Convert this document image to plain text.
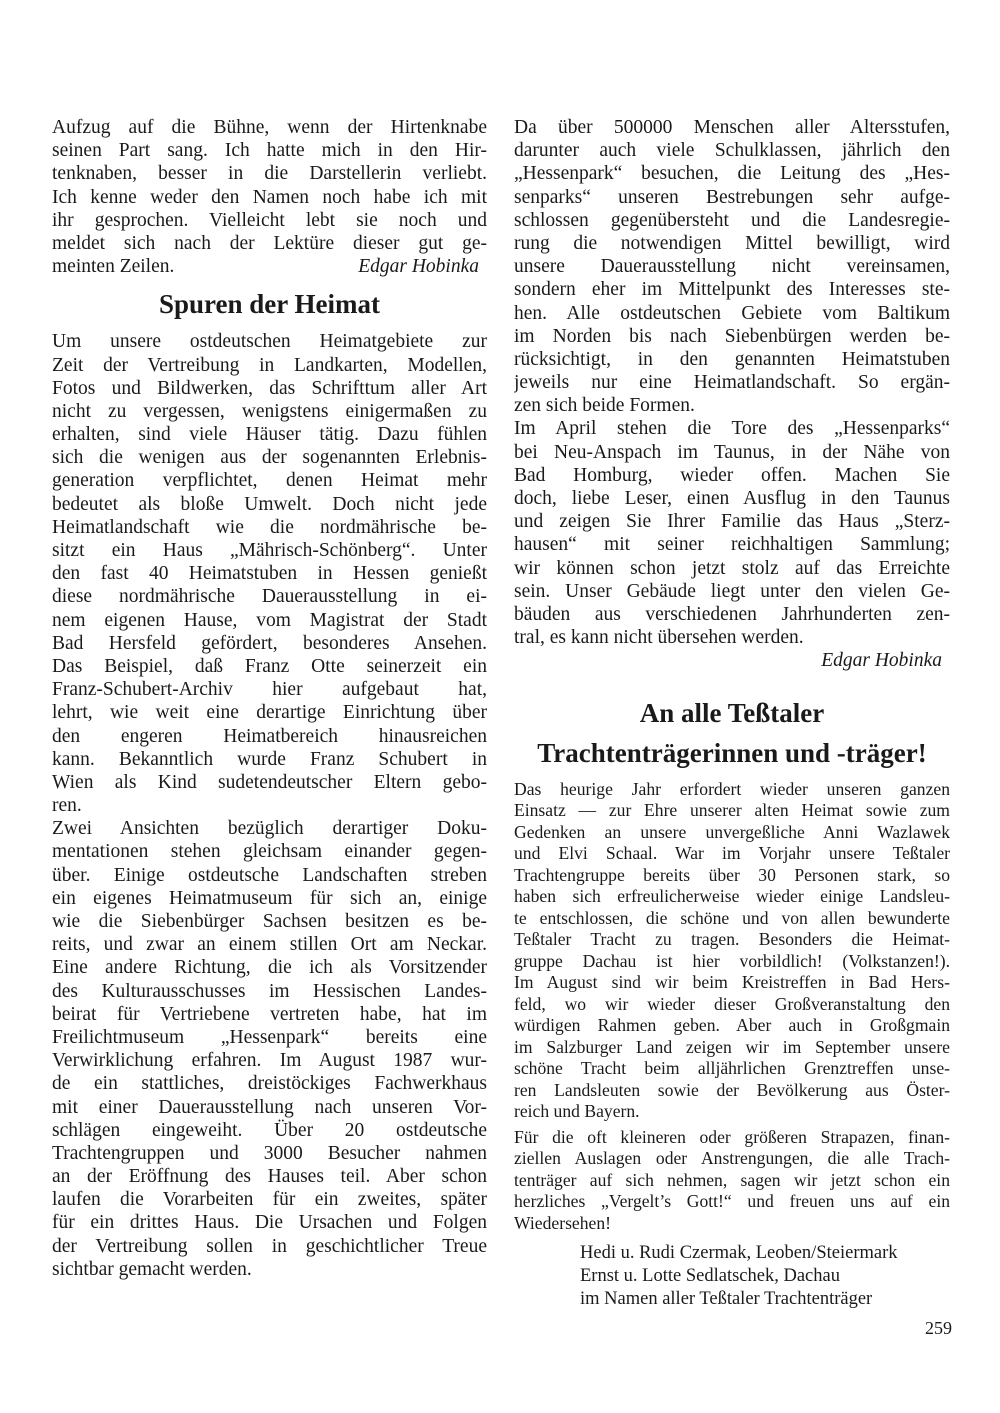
Aufzug auf die Bühne, wenn der Hirtenknabe
seinen Part sang. Ich hatte mich in den Hir-
tenknaben, besser in die Darstellerin verliebt.
Ich kenne weder den Namen noch habe ich mit
ihr gesprochen. Vielleicht lebt sie noch und
meldet sich nach der Lektüre dieser gut ge-
meinten Zeilen.	Edgar Hobinka
Spuren der Heimat
Um unsere ostdeutschen Heimatgebiete zur
Zeit der Vertreibung in Landkarten, Modellen,
Fotos und Bildwerken, das Schrifttum aller Art
nicht zu vergessen, wenigstens einigermaßen zu
erhalten, sind viele Häuser tätig. Dazu fühlen
sich die wenigen aus der sogenannten Erlebnis-
generation verpflichtet, denen Heimat mehr
bedeutet als bloße Umwelt. Doch nicht jede
Heimatlandschaft wie die nordmährische be-
sitzt ein Haus „Mährisch-Schönberg“. Unter
den fast 40 Heimatstuben in Hessen genießt
diese nordmährische Dauerausstellung in ei-
nem eigenen Hause, vom Magistrat der Stadt
Bad Hersfeld gefördert, besonderes Ansehen.
Das Beispiel, daß Franz Otte seinerzeit ein
Franz-Schubert-Archiv hier aufgebaut hat,
lehrt, wie weit eine derartige Einrichtung über
den engeren Heimatbereich hinausreichen
kann. Bekanntlich wurde Franz Schubert in
Wien als Kind sudetendeutscher Eltern gebo-
ren.
Zwei Ansichten bezüglich derartiger Doku-
mentationen stehen gleichsam einander gegen-
über. Einige ostdeutsche Landschaften streben
ein eigenes Heimatmuseum für sich an, einige
wie die Siebenbürger Sachsen besitzen es be-
reits, und zwar an einem stillen Ort am Neckar.
Eine andere Richtung, die ich als Vorsitzender
des Kulturausschusses im Hessischen Landes-
beirat für Vertriebene vertreten habe, hat im
Freilichtmuseum „Hessenpark“ bereits eine
Verwirklichung erfahren. Im August 1987 wur-
de ein stattliches, dreistöckiges Fachwerkhaus
mit einer Dauerausstellung nach unseren Vor-
schlägen eingeweiht. Über 20 ostdeutsche
Trachtengruppen und 3000 Besucher nahmen
an der Eröffnung des Hauses teil. Aber schon
laufen die Vorarbeiten für ein zweites, später
für ein drittes Haus. Die Ursachen und Folgen
der Vertreibung sollen in geschichtlicher Treue
sichtbar gemacht werden.
Da über 500000 Menschen aller Altersstufen,
darunter auch viele Schulklassen, jährlich den
„Hessenpark“ besuchen, die Leitung des „Hes-
senparks“ unseren Bestrebungen sehr aufge-
schlossen gegenübersteht und die Landesregie-
rung die notwendigen Mittel bewilligt, wird
unsere Dauerausstellung nicht vereinsamen,
sondern eher im Mittelpunkt des Interesses ste-
hen. Alle ostdeutschen Gebiete vom Baltikum
im Norden bis nach Siebenbürgen werden be-
rücksichtigt, in den genannten Heimatstuben
jeweils nur eine Heimatlandschaft. So ergän-
zen sich beide Formen.
Im April stehen die Tore des „Hessenparks“
bei Neu-Anspach im Taunus, in der Nähe von
Bad Homburg, wieder offen. Machen Sie
doch, liebe Leser, einen Ausflug in den Taunus
und zeigen Sie Ihrer Familie das Haus „Sterz-
hausen“ mit seiner reichhaltigen Sammlung;
wir können schon jetzt stolz auf das Erreichte
sein. Unser Gebäude liegt unter den vielen Ge-
bäuden aus verschiedenen Jahrhunderten zen-
tral, es kann nicht übersehen werden.
Edgar Hobinka
An alle Teßtaler
Trachtenträgerinnen und -träger!
Das heurige Jahr erfordert wieder unseren ganzen
Einsatz — zur Ehre unserer alten Heimat sowie zum
Gedenken an unsere unvergeßliche Anni Wazlawek
und Elvi Schaal. War im Vorjahr unsere Teßtaler
Trachtengruppe bereits über 30 Personen stark, so
haben sich erfreulicherweise wieder einige Landsleu-
te entschlossen, die schöne und von allen bewunderte
Teßtaler Tracht zu tragen. Besonders die Heimat-
gruppe Dachau ist hier vorbildlich! (Volkstanzen!).
Im August sind wir beim Kreistreffen in Bad Hers-
feld, wo wir wieder dieser Großveranstaltung den
würdigen Rahmen geben. Aber auch in Großgmain
im Salzburger Land zeigen wir im September unsere
schöne Tracht beim alljährlichen Grenztreffen unse-
ren Landsleuten sowie der Bevölkerung aus Öster-
reich und Bayern.
Für die oft kleineren oder größeren Strapazen, finan-
ziellen Auslagen oder Anstrengungen, die alle Trach-
tenträger auf sich nehmen, sagen wir jetzt schon ein
herzliches „Vergelt’s Gott!“ und freuen uns auf ein
Wiedersehen!
Hedi u. Rudi Czermak, Leoben/Steiermark
Ernst u. Lotte Sedlatschek, Dachau
im Namen aller Teßtaler Trachtenträger
259
